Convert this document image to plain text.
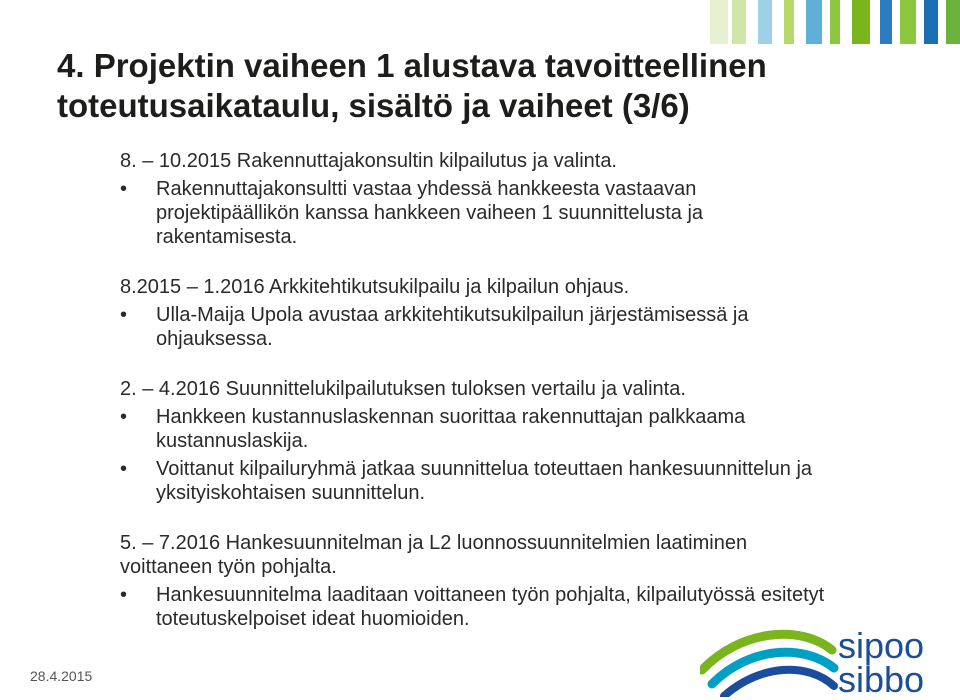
4. Projektin vaiheen 1 alustava tavoitteellinen
toteutusaikataulu, sisältö ja vaiheet (3/6)
8. – 10.2015 Rakennuttajakonsultin kilpailutus ja valinta.
• Rakennuttajakonsultti vastaa yhdessä hankkeesta vastaavan projektipäällikön kanssa hankkeen vaiheen 1 suunnittelusta ja rakentamisesta.
8.2015 – 1.2016 Arkkitehtikutsukilpailu ja kilpailun ohjaus.
• Ulla-Maija Upola avustaa arkkitehtikutsukilpailun järjestämisessä ja ohjauksessa.
2. – 4.2016 Suunnittelukilpailutuksen tuloksen vertailu ja valinta.
• Hankkeen kustannuslaskennan suorittaa rakennuttajan palkkaama kustannuslaskija.
• Voittanut kilpailuryhmä jatkaa suunnittelua toteuttaen hankesuunnittelun ja yksityiskohtaisen suunnittelun.
5. – 7.2016 Hankesuunnitelman ja L2 luonnossuunnitelmien laatiminen voittaneen työn pohjalta.
• Hankesuunnitelma laaditaan voittaneen työn pohjalta, kilpailutyössä esitetyt toteutuskelpoiset ideat huomioiden.
28.4.2015
sipoo
sibbo
